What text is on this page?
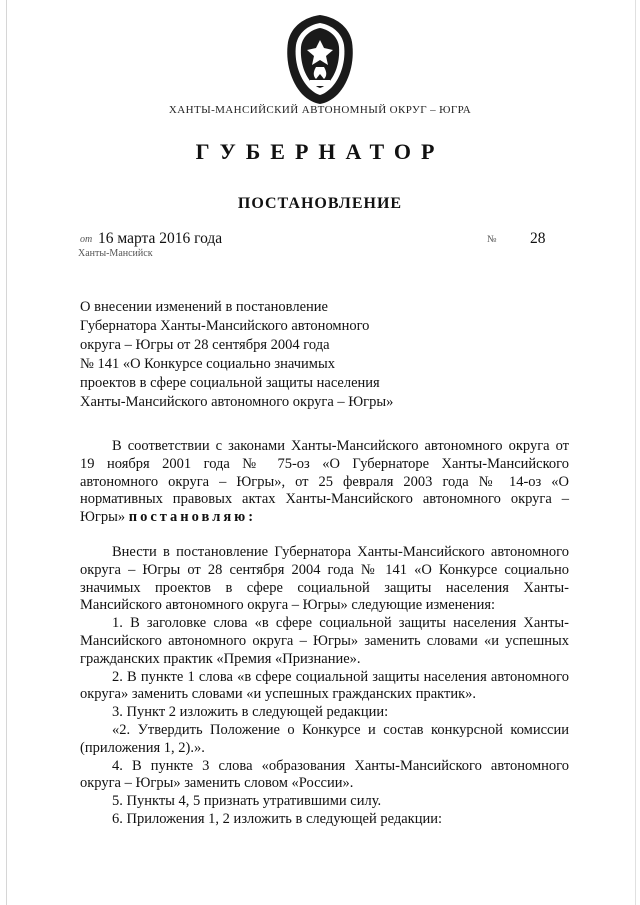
ХАНТЫ-МАНСИЙСКИЙ АВТОНОМНЫЙ ОКРУГ – ЮГРА
ГУБЕРНАТОР
ПОСТАНОВЛЕНИЕ
от 16 марта 2016 года	№ 28
Ханты-Мансийск
О внесении изменений в постановление
Губернатора Ханты-Мансийского автономного
округа – Югры от 28 сентября 2004 года
№ 141 «О Конкурсе социально значимых
проектов в сфере социальной защиты населения
Ханты-Мансийского автономного округа – Югры»

В соответствии с законами Ханты-Мансийского автономного округа от 19 ноября 2001 года № 75-оз «О Губернаторе Ханты-Мансийского автономного округа – Югры», от 25 февраля 2003 года № 14-оз «О нормативных правовых актах Ханты-Мансийского автономного округа – Югры» постановляю:

Внести в постановление Губернатора Ханты-Мансийского автономного округа – Югры от 28 сентября 2004 года № 141 «О Конкурсе социально значимых проектов в сфере социальной защиты населения Ханты-Мансийского автономного округа – Югры» следующие изменения:

1. В заголовке слова «в сфере социальной защиты населения Ханты-Мансийского автономного округа – Югры» заменить словами «и успешных гражданских практик «Премия «Признание».

2. В пункте 1 слова «в сфере социальной защиты населения автономного округа» заменить словами «и успешных гражданских практик».

3. Пункт 2 изложить в следующей редакции:

«2. Утвердить Положение о Конкурсе и состав конкурсной комиссии (приложения 1, 2).».

4. В пункте 3 слова «образования Ханты-Мансийского автономного округа – Югры» заменить словом «России».

5. Пункты 4, 5 признать утратившими силу.

6. Приложения 1, 2 изложить в следующей редакции:
